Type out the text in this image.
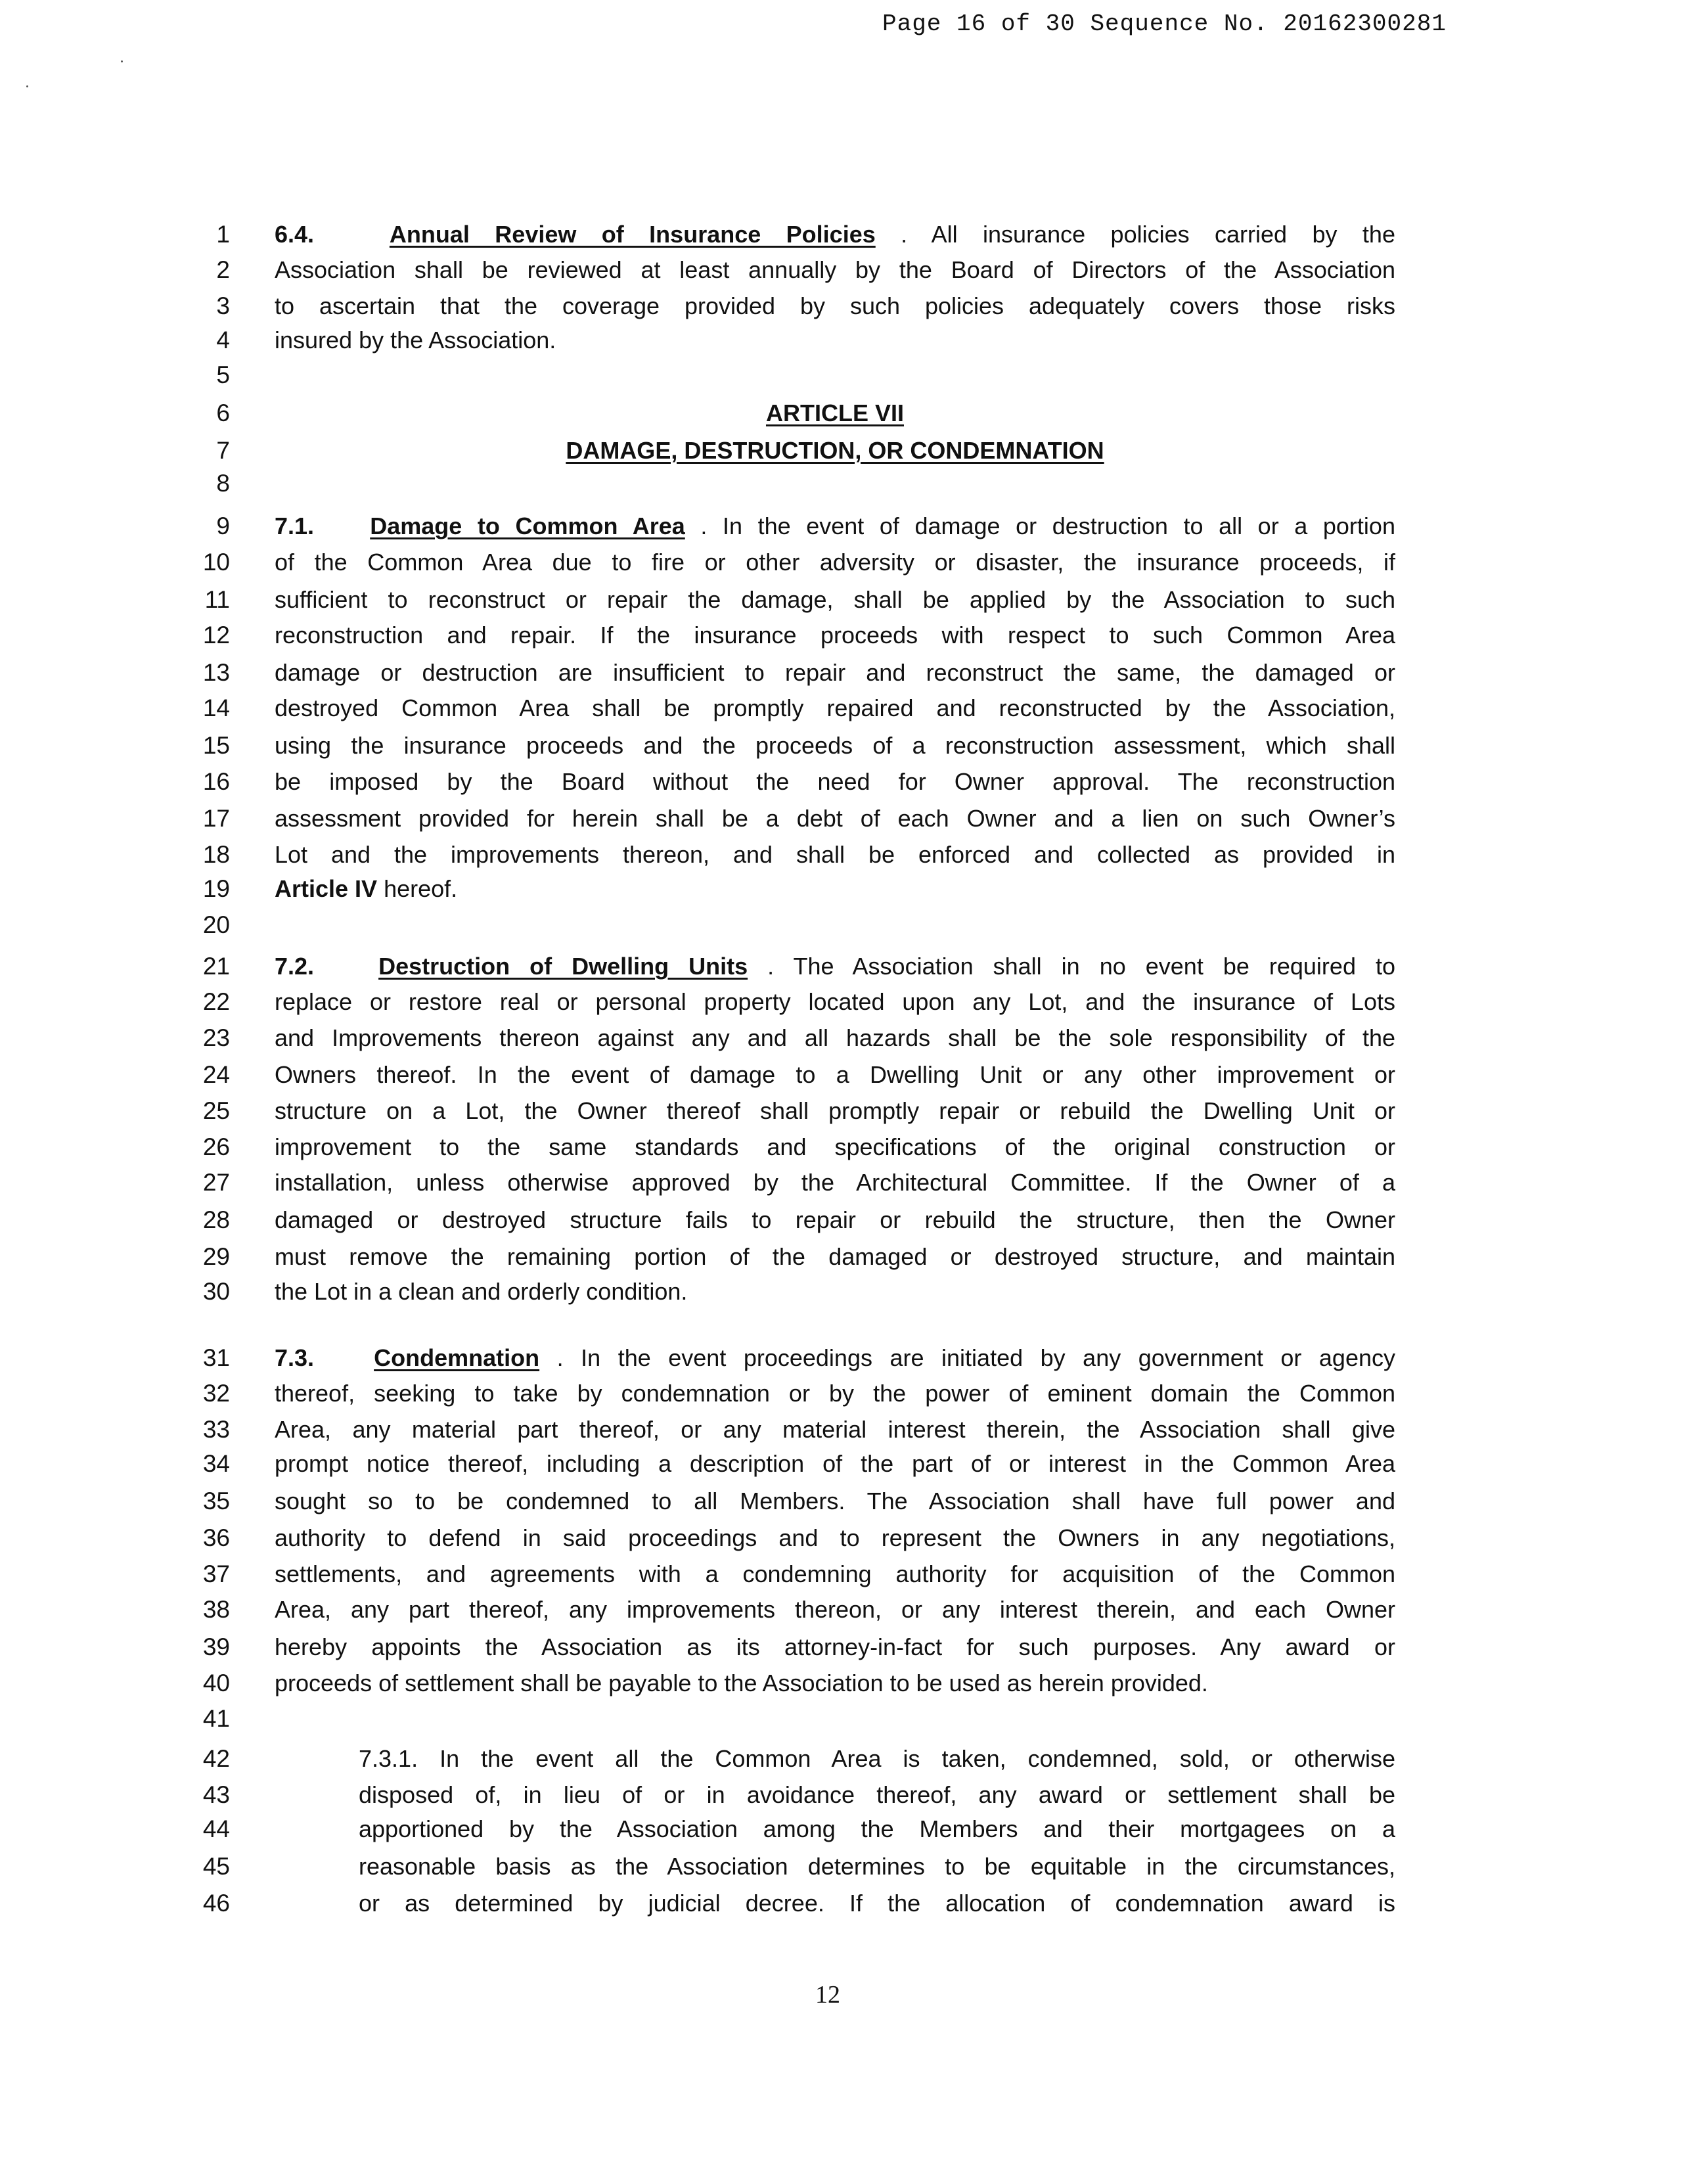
Page 16 of 30 Sequence No. 20162300281
1 6.4.	Annual Review of Insurance Policies . All insurance policies carried by the
2 Association shall be reviewed at least annually by the Board of Directors of the Association
3 to ascertain that the coverage provided by such policies adequately covers those risks
4 insured by the Association.
5
6	ARTICLE VII
7	DAMAGE, DESTRUCTION, OR CONDEMNATION
8
9 7.1. Damage to Common Area . In the event of damage or destruction to all or a portion
10 of the Common Area due to fire or other adversity or disaster, the insurance proceeds, if
11 sufficient to reconstruct or repair the damage, shall be applied by the Association to such
12 reconstruction and repair. If the insurance proceeds with respect to such Common Area
13 damage or destruction are insufficient to repair and reconstruct the same, the damaged or
14 destroyed Common Area shall be promptly repaired and reconstructed by the Association,
15 using the insurance proceeds and the proceeds of a reconstruction assessment, which shall
16 be imposed by the Board without the need for Owner approval. The reconstruction
17 assessment provided for herein shall be a debt of each Owner and a lien on such Owner’s
18 Lot and the improvements thereon, and shall be enforced and collected as provided in
19 Article IV hereof.
20
21 7.2.	Destruction of Dwelling Units . The Association shall in no event be required to
22 replace or restore real or personal property located upon any Lot, and the insurance of Lots
23 and Improvements thereon against any and all hazards shall be the sole responsibility of the
24 Owners thereof. In the event of damage to a Dwelling Unit or any other improvement or
25 structure on a Lot, the Owner thereof shall promptly repair or rebuild the Dwelling Unit or
26 improvement to the same standards and specifications of the original construction or
27 installation, unless otherwise approved by the Architectural Committee. If the Owner of a
28 damaged or destroyed structure fails to repair or rebuild the structure, then the Owner
29 must remove the remaining portion of the damaged or destroyed structure, and maintain
30 the Lot in a clean and orderly condition.
31 7.3.	Condemnation . In the event proceedings are initiated by any government or agency
32 thereof, seeking to take by condemnation or by the power of eminent domain the Common
33 Area, any material part thereof, or any material interest therein, the Association shall give
34 prompt notice thereof, including a description of the part of or interest in the Common Area
35 sought so to be condemned to all Members. The Association shall have full power and
36 authority to defend in said proceedings and to represent the Owners in any negotiations,
37 settlements, and agreements with a condemning authority for acquisition of the Common
38 Area, any part thereof, any improvements thereon, or any interest therein, and each Owner
39 hereby appoints the Association as its attorney-in-fact for such purposes. Any award or
40 proceeds of settlement shall be payable to the Association to be used as herein provided.
41
42	7.3.1. In the event all the Common Area is taken, condemned, sold, or otherwise
43	disposed of, in lieu of or in avoidance thereof, any award or settlement shall be
44	apportioned by the Association among the Members and their mortgagees on a
45	reasonable basis as the Association determines to be equitable in the circumstances,
46	or as determined by judicial decree. If the allocation of condemnation award is
12
